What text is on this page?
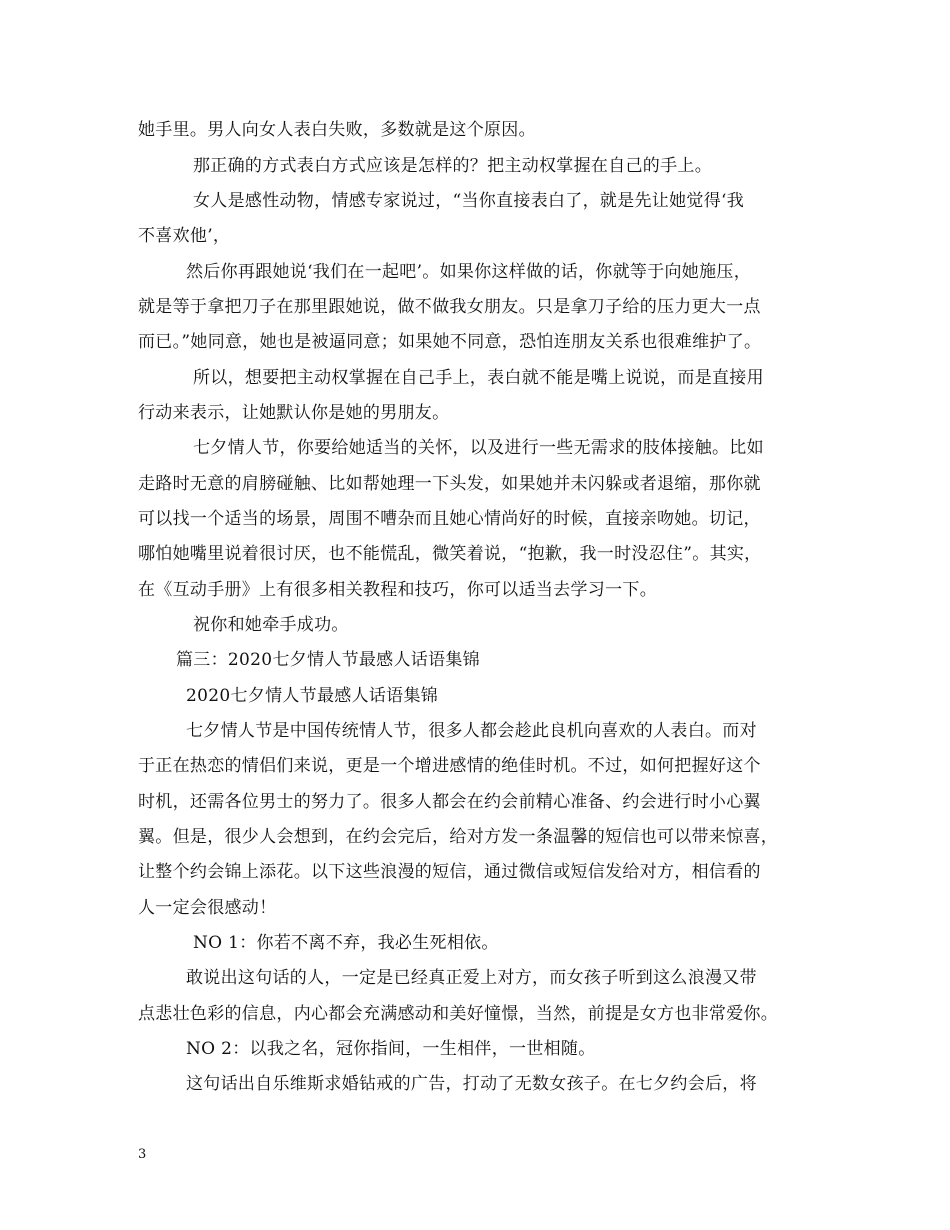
她手里。男人向女人表白失败，多数就是这个原因。
那正确的方式表白方式应该是怎样的？把主动权掌握在自己的手上。
女人是感性动物，情感专家说过，“当你直接表白了，就是先让她觉得‘我
不喜欢他’，
然后你再跟她说‘我们在一起吧’。如果你这样做的话，你就等于向她施压，
就是等于拿把刀子在那里跟她说，做不做我女朋友。只是拿刀子给的压力更大一点
而已。”她同意，她也是被逼同意；如果她不同意，恐怕连朋友关系也很难维护了。
所以，想要把主动权掌握在自己手上，表白就不能是嘴上说说，而是直接用
行动来表示，让她默认你是她的男朋友。
七夕情人节，你要给她适当的关怀，以及进行一些无需求的肢体接触。比如
走路时无意的肩膀碰触、比如帮她理一下头发，如果她并未闪躲或者退缩，那你就
可以找一个适当的场景，周围不嘈杂而且她心情尚好的时候，直接亲吻她。切记，
哪怕她嘴里说着很讨厌，也不能慌乱，微笑着说，“抱歉，我一时没忍住”。其实，
在《互动手册》上有很多相关教程和技巧，你可以适当去学习一下。
祝你和她牵手成功。
篇三：2020七夕情人节最感人话语集锦
2020七夕情人节最感人话语集锦
七夕情人节是中国传统情人节，很多人都会趁此良机向喜欢的人表白。而对
于正在热恋的情侣们来说，更是一个增进感情的绝佳时机。不过，如何把握好这个
时机，还需各位男士的努力了。很多人都会在约会前精心准备、约会进行时小心翼
翼。但是，很少人会想到，在约会完后，给对方发一条温馨的短信也可以带来惊喜，
让整个约会锦上添花。以下这些浪漫的短信，通过微信或短信发给对方，相信看的
人一定会很感动！
NO 1：你若不离不弃，我必生死相依。
敢说出这句话的人，一定是已经真正爱上对方，而女孩子听到这么浪漫又带
点悲壮色彩的信息，内心都会充满感动和美好憧憬，当然，前提是女方也非常爱你。
NO 2：以我之名，冠你指间，一生相伴，一世相随。
这句话出自乐维斯求婚钻戒的广告，打动了无数女孩子。在七夕约会后，将
3
